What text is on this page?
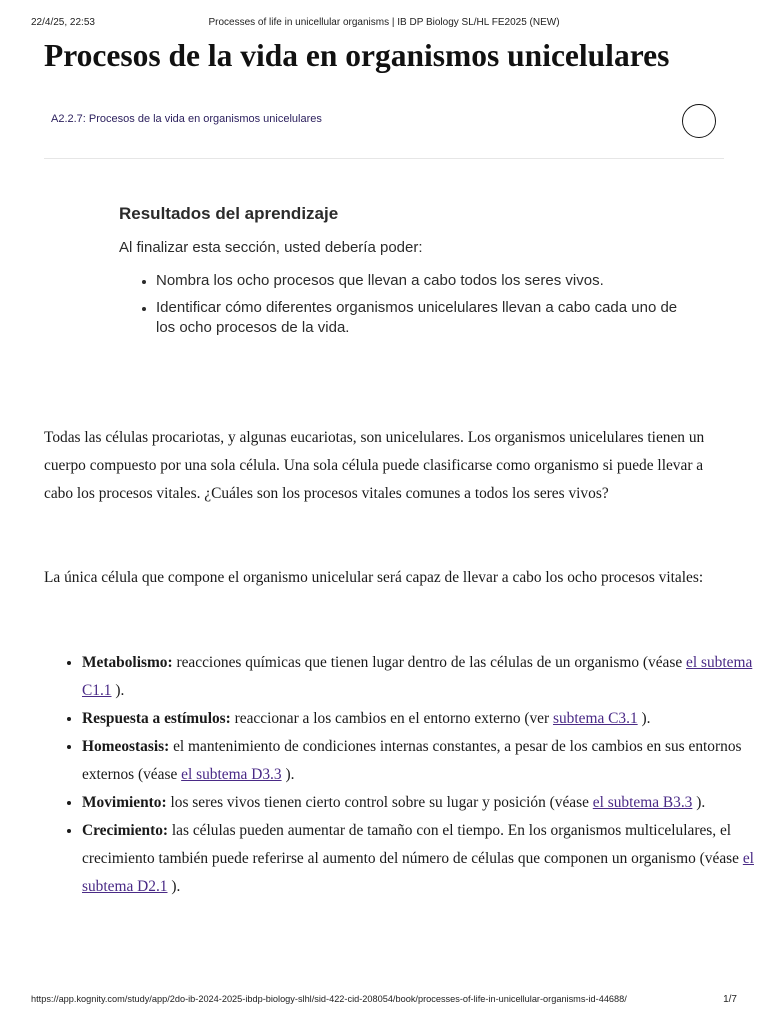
22/4/25, 22:53	Processes of life in unicellular organisms | IB DP Biology SL/HL FE2025 (NEW)
Procesos de la vida en organismos unicelulares
A2.2.7: Procesos de la vida en organismos unicelulares
Resultados del aprendizaje

Al finalizar esta sección, usted debería poder:

• Nombra los ocho procesos que llevan a cabo todos los seres vivos.
• Identificar cómo diferentes organismos unicelulares llevan a cabo cada uno de los ocho procesos de la vida.

Todas las células procariotas, y algunas eucariotas, son unicelulares. Los organismos unicelulares tienen un cuerpo compuesto por una sola célula. Una sola célula puede clasificarse como organismo si puede llevar a cabo los procesos vitales. ¿Cuáles son los procesos vitales comunes a todos los seres vivos?

La única célula que compone el organismo unicelular será capaz de llevar a cabo los ocho procesos vitales:

• Metabolismo: reacciones químicas que tienen lugar dentro de las células de un organismo (véase el subtema C1.1 ).
• Respuesta a estímulos: reaccionar a los cambios en el entorno externo (ver subtema C3.1 ).
• Homeostasis: el mantenimiento de condiciones internas constantes, a pesar de los cambios en sus entornos externos (véase el subtema D3.3 ).
• Movimiento: los seres vivos tienen cierto control sobre su lugar y posición (véase el subtema B3.3 ).
• Crecimiento: las células pueden aumentar de tamaño con el tiempo. En los organismos multicelulares, el crecimiento también puede referirse al aumento del número de células que componen un organismo (véase el subtema D2.1 ).
https://app.kognity.com/study/app/2do-ib-2024-2025-ibdp-biology-slhl/sid-422-cid-208054/book/processes-of-life-in-unicellular-organisms-id-44688/	1/7
